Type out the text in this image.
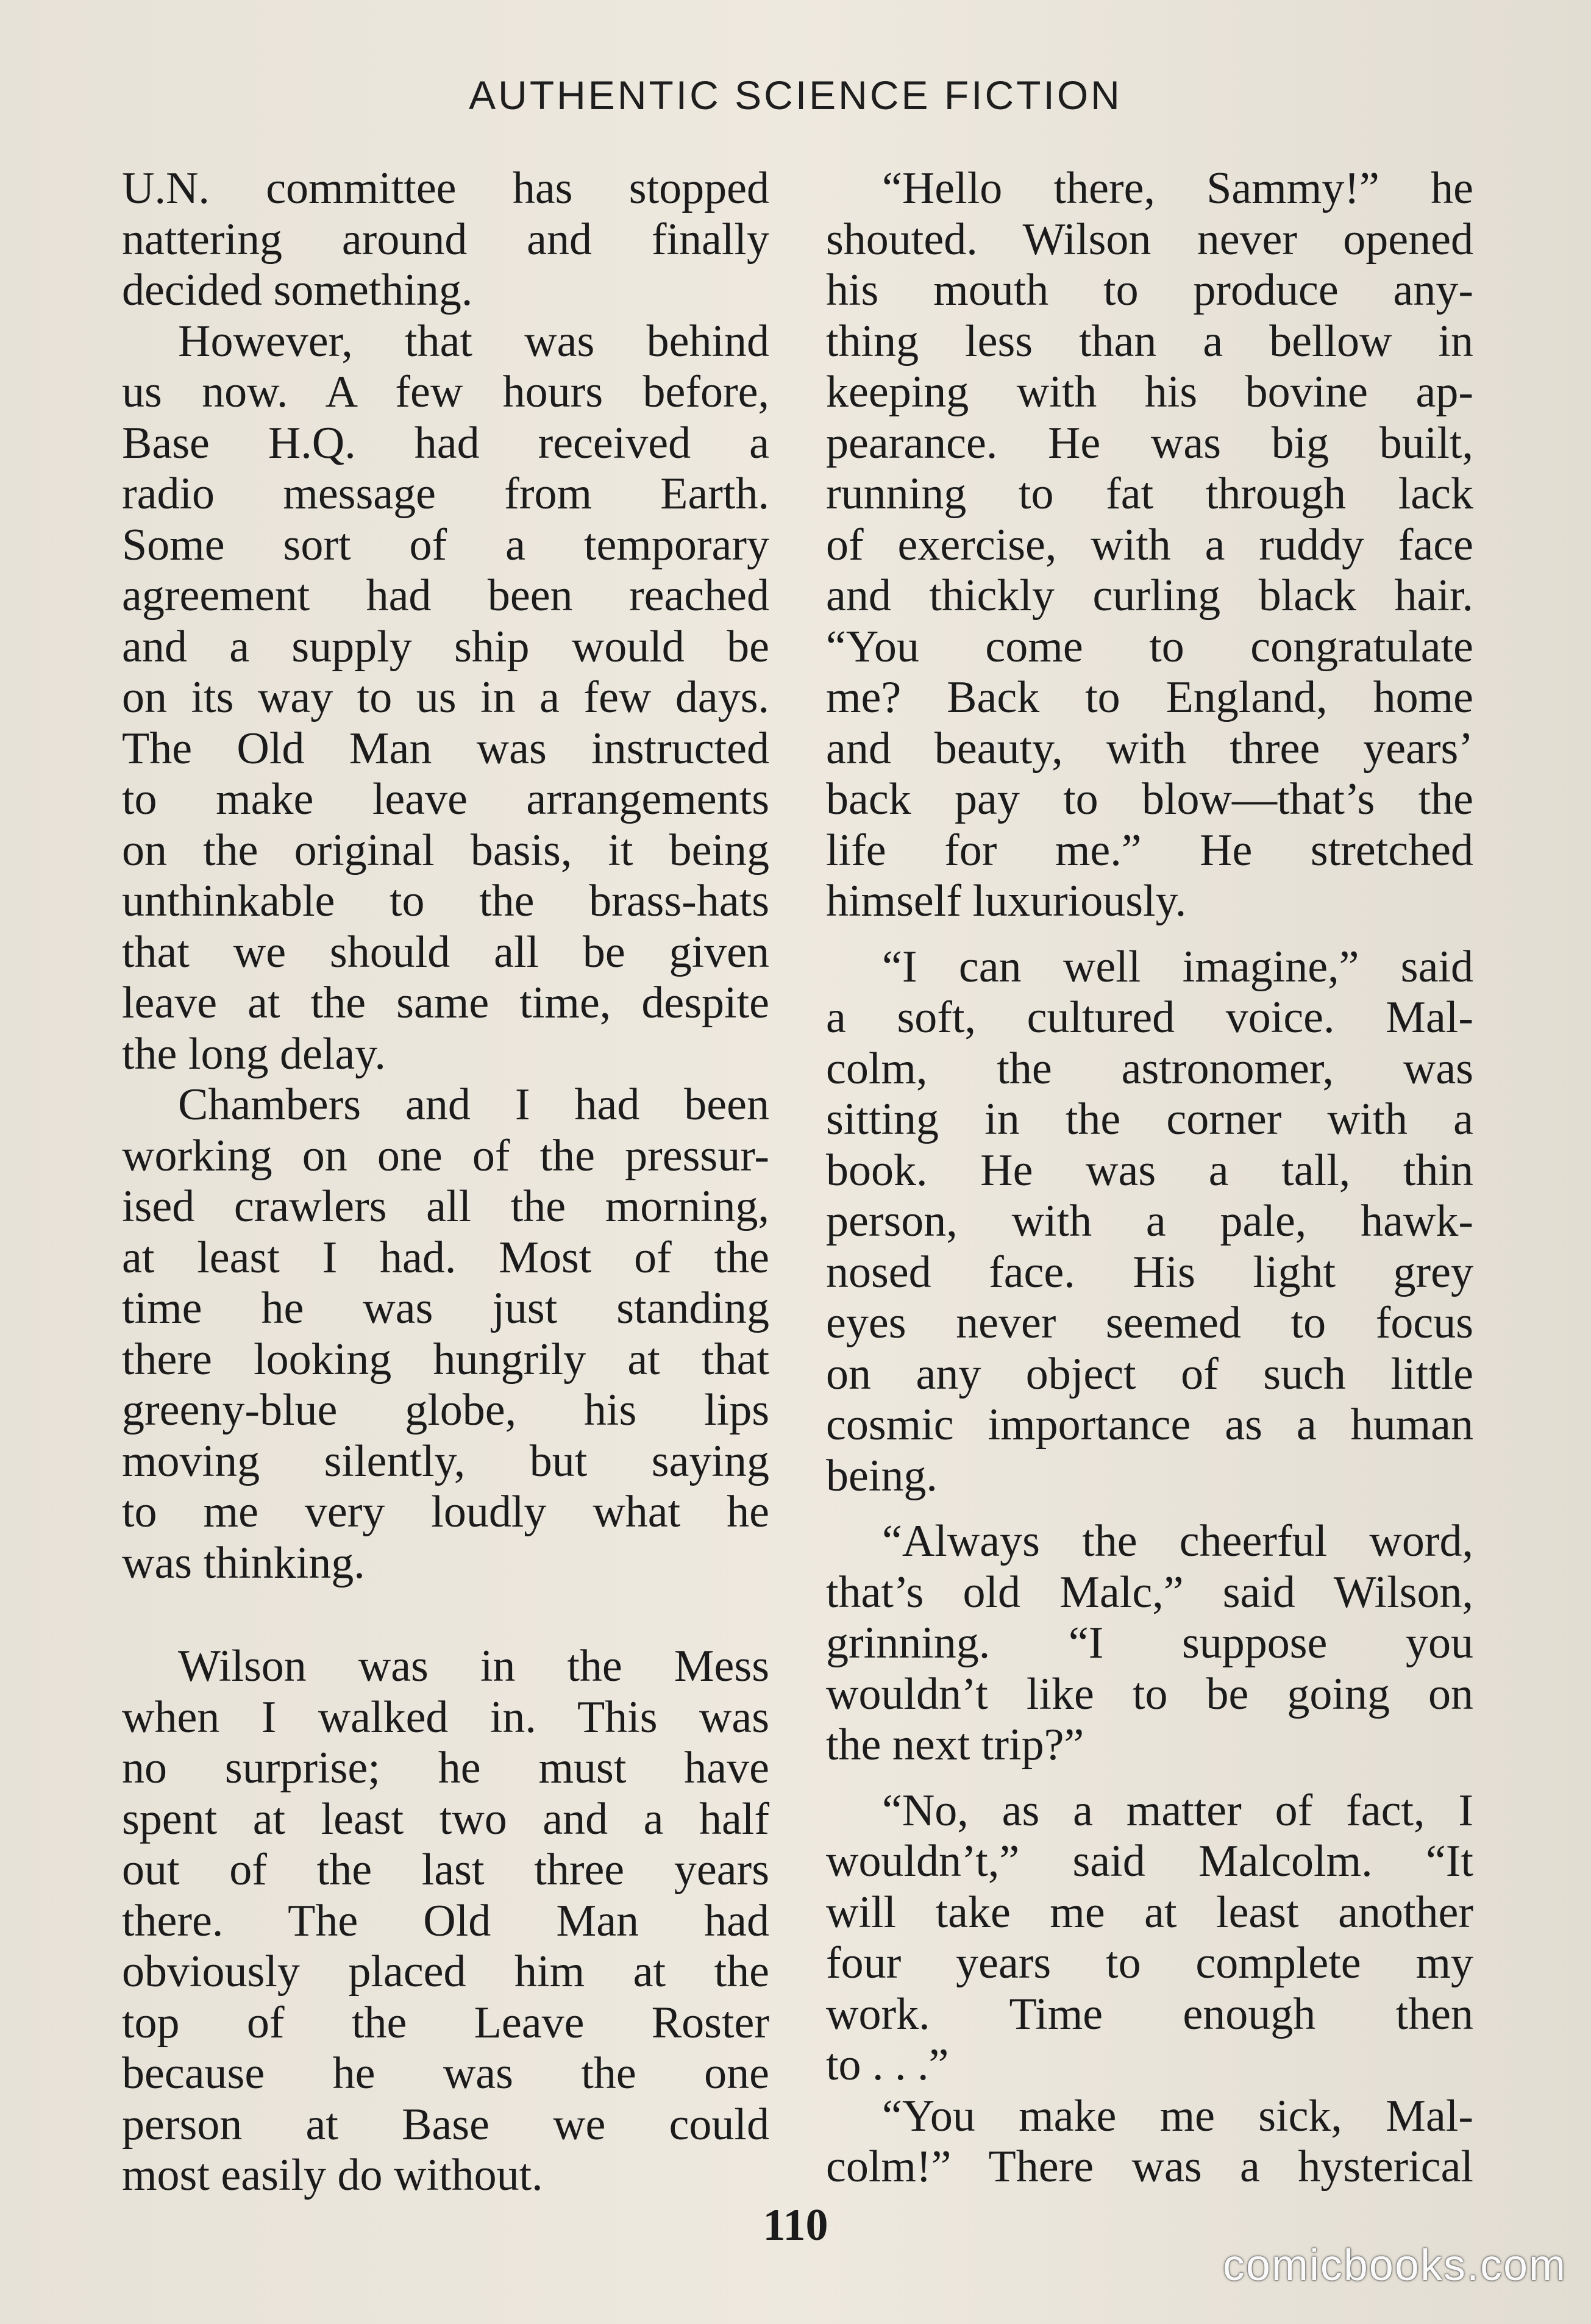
AUTHENTIC SCIENCE FICTION
U.N. committee has stopped
nattering around and finally
decided something.
However, that was behind
us now. A few hours before,
Base H.Q. had received a
radio message from Earth.
Some sort of a temporary
agreement had been reached
and a supply ship would be
on its way to us in a few days.
The Old Man was instructed
to make leave arrangements
on the original basis, it being
unthinkable to the brass-hats
that we should all be given
leave at the same time, despite
the long delay.
Chambers and I had been
working on one of the pressur-
ised crawlers all the morning,
at least I had. Most of the
time he was just standing
there looking hungrily at that
greeny-blue globe, his lips
moving silently, but saying
to me very loudly what he
was thinking.
Wilson was in the Mess
when I walked in. This was
no surprise; he must have
spent at least two and a half
out of the last three years
there. The Old Man had
obviously placed him at the
top of the Leave Roster
because he was the one
person at Base we could
most easily do without.
“Hello there, Sammy!” he
shouted. Wilson never opened
his mouth to produce any-
thing less than a bellow in
keeping with his bovine ap-
pearance. He was big built,
running to fat through lack
of exercise, with a ruddy face
and thickly curling black hair.
“You come to congratulate
me? Back to England, home
and beauty, with three years’
back pay to blow—that’s the
life for me.” He stretched
himself luxuriously.
“I can well imagine,” said
a soft, cultured voice. Mal-
colm, the astronomer, was
sitting in the corner with a
book. He was a tall, thin
person, with a pale, hawk-
nosed face. His light grey
eyes never seemed to focus
on any object of such little
cosmic importance as a human
being.
“Always the cheerful word,
that’s old Malc,” said Wilson,
grinning. “I suppose you
wouldn’t like to be going on
the next trip?”
“No, as a matter of fact, I
wouldn’t,” said Malcolm. “It
will take me at least another
four years to complete my
work. Time enough then
to . . .”
“You make me sick, Mal-
colm!” There was a hysterical
110
comicbooks.com
